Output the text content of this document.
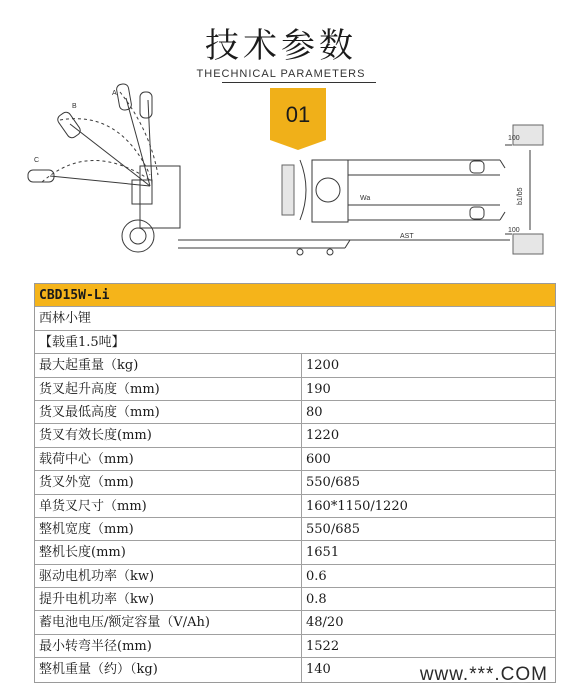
技术参数
THECHNICAL PARAMETERS
01
B
A
C
100
b1/b5
100
AST
Wa
CBD15W-Li
西林小锂
【载重1.5吨】
最大起重量（kg)	1200
货叉起升高度（mm)	190
货叉最低高度（mm)	80
货叉有效长度(mm)	1220
载荷中心（mm)	600
货叉外宽（mm)	550/685
单货叉尺寸（mm)	160*1150/1220
整机宽度（mm)	550/685
整机长度(mm)	1651
驱动电机功率（kw)	0.6
提升电机功率（kw)	0.8
蓄电池电压/额定容量（V/Ah)	48/20
最小转弯半径(mm)	1522
整机重量（约）（kg)	140	www.***.COM
